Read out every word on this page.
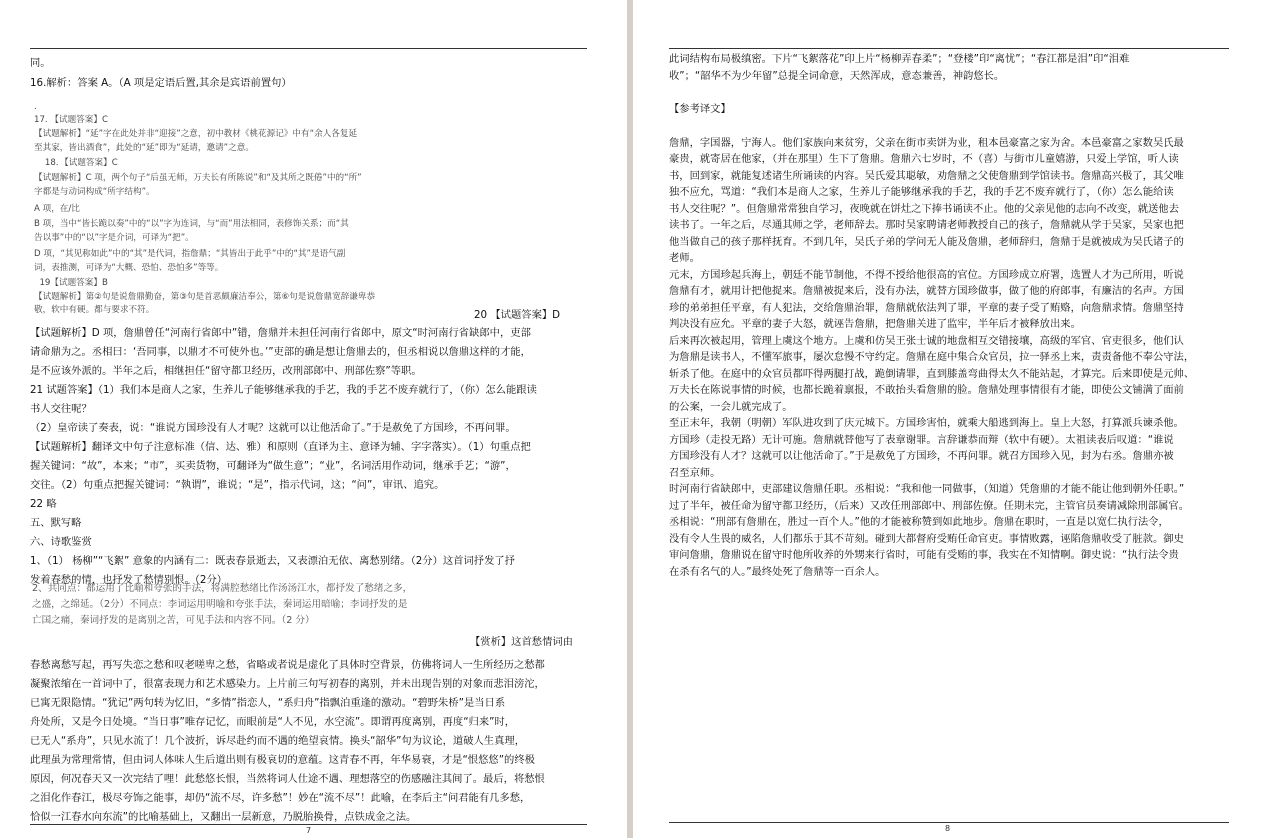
同。
16.解析：答案 A。（A 项是定语后置,其余是宾语前置句）
.
17. 【试题答案】C
【试题解析】“延”字在此处并非“迎接”之意，初中教材《桃花源记》中有“余人各复延
至其家，皆出酒食”，此处的“延”即为“延请，邀请”之意。
18．【试题答案】C
【试题解析】C 项，两个句子“后虽无师，万夫长有所陈说”和“及其所之既倦”中的“所”
字都是与动词构成“所字结构”。
A 项，在/比
B 项，当中“皆长跪以奏”中的“以”字为连词，与“而”用法相同，表修饰关系；而“其
告以事”中的“以”字是介词，可译为“把”。
D 项，“其见称如此”中的“其”是代词，指詹鼎；“其皆出于此乎”中的“其”是语气副
词，表推测，可译为“大概、恐怕、恐怕多”等等。
19【试题答案】B
【试题解析】第②句是说詹鼎勤奋，第③句是首恶颇廉洁奉公，第⑥句是说詹鼎宽辞谦卑恭
敬，软中有硬。都与要求不符。	20 【试题答案】D
【试题解析】D 项，詹鼎曾任“河南行省郎中”错，詹鼎并未担任河南行省郎中，原文“时河南行省缺郎中，吏部
请命鼎为之。丞相曰：‘吾同事，以鼎才不可使外也。’”吏部的确是想让詹鼎去的，但丞相说以詹鼎这样的才能，
是不应该外派的。半年之后，相继担任“留守都卫经历，改刑部郎中、刑部佐察”等职。
21 试题答案】（1）我们本是商人之家，生养儿子能够继承我的手艺，我的手艺不废弃就行了，（你）怎么能跟读
书人交往呢？
（2）皇帝读了奏表，说：“谁说方国珍没有人才呢？这就可以让他活命了。”于是赦免了方国珍，不再问罪。
【试题解析】翻译文中句子注意标准（信、达、雅）和原则（直译为主、意译为辅、字字落实）。（1）句重点把
握关键词：“故”，本来；“市”，买卖货物，可翻译为“做生意”；“业”，名词活用作动词，继承手艺；“游”，
交往。（2）句重点把握关键词：“執谓”，谁说；“是”，指示代词，这；“问”，审讯、追究。
22 略
五、默写略
六、诗歌鉴赏
1、（1） 杨柳”“飞絮” 意象的内涵有二：既表春景逝去，又表漂泊无依、离愁别绪。（2分）这首词抒发了抒
发着春愁的情，也抒发了愁情别恨。（2分）
2、共同点：都运用了比喻和夸张的手法，将满腔愁绪比作汤汤江水，都抒发了愁绪之多，
之盛，之绵延。（2分）不同点：李词运用明喻和夸张手法，秦词运用暗喻；李词抒发的是
亡国之痛，秦词抒发的是离别之苦，可见手法和内容不同。（2 分）
【赏析】这首愁情词由
春愁离愁写起，再写失恋之愁和叹老嗟卑之愁，省略或者说是虚化了具体时空背景，仿佛将词人一生所经历之愁都
凝聚浓缩在一首词中了，很富表现力和艺术感染力。上片前三句写初春的离别，并未出现告别的对象而悲泪滂沱，
已寓无限隐情。“犹记”两句转为忆旧，“多情”指恋人，“系归舟”指飘泊重逢的激动。“碧野朱桥”是当日系
舟处所，又是今日处境。“当日事”唯存记忆，而眼前是“人不见，水空流”。即谓再度离别，再度“归来”时，
已无人“系舟”，只见水流了！几个波折，诉尽赴约而不遇的绝望哀情。换头“韶华”句为议论，道破人生真理，
此理虽为常理常情，但由词人体味人生后道出则有极哀切的意蕴。这青春不再，年华易衰，才是“恨悠悠”的终极
原因，何况春天又一次完结了哩！此愁悠长恨，当然将词人仕途不遇、理想落空的伤感融注其间了。最后，将愁恨
之泪化作春江，极尽夸饰之能事，却仍“流不尽，许多愁”！妙在“流不尽”！此喻，在李后主“问君能有几多愁，
恰似一江春水向东流”的比喻基础上，又翻出一层新意，乃脱胎换骨，点铁成金之法。
7
此词结构布局极缜密。下片“飞絮落花”印上片“杨柳弄春柔”；“登楼”印“离忧”；“春江都是泪”印“泪难
收”；“韶华不为少年留”总提全词命意，天然浑成，意态兼善，神韵悠长。
【参考译文】
詹鼎，字国器，宁海人。他们家族向来贫穷，父亲在街市卖饼为业，租本邑豪富之家为舍。本邑豪富之家数吴氏最
豪贵，就寄居在他家，（并在那里）生下了詹鼎。詹鼎六七岁时，不（喜）与街市儿童嬉游，只爱上学馆，听人读
书，回到家，就能复述诸生所诵读的内容。吴氏爱其聪敏，劝詹鼎之父使詹鼎到学馆读书。詹鼎高兴极了，其父唯
独不应允，骂道：“我们本是商人之家，生养儿子能够继承我的手艺，我的手艺不废弃就行了，（你）怎么能给读
书人交往呢？”。但詹鼎常常独自学习，夜晚就在饼灶之下捧书诵读不止。他的父亲见他的志向不改变，就送他去
读书了。一年之后，尽通其师之学，老师辞去。那时吴家聘请老师教授自己的孩子，詹鼎就从学于吴家，吴家也把
他当做自己的孩子那样抚育。不到几年，吴氏子弟的学问无人能及詹鼎，老师辞归，詹鼎于是就被成为吴氏诸子的
老师。
元末，方国珍起兵海上，朝廷不能节制他，不得不授给他很高的官位。方国珍成立府署，选置人才为己所用，听说
詹鼎有才，就用计把他捉来。詹鼎被捉来后，没有办法，就替方国珍做事，做了他的府郎事，有廉洁的名声。方国
珍的弟弟担任平章，有人犯法，交给詹鼎治罪，詹鼎就依法判了罪，平章的妻子受了贿赂，向詹鼎求情。詹鼎坚持
判决没有应允。平章的妻子大怒，就诬告詹鼎，把詹鼎关进了监牢，半年后才被释放出来。
后来再次被起用，管理上虞这个地方。上虞和仿吴王张士诚的地盘相互交错接壤，高级的军官、官吏很多，他们认
为詹鼎是读书人，不懂军旅事，屡次怠慢不守约定。詹鼎在庭中集合众官员，拉一驿丞上来，责责备他不奉公守法，
斩杀了他。在庭中的众官员都吓得两腿打战，跪倒请罪，直到膝盖弯曲得太久不能站起，才算完。后来即使是元帅、
万夫长在陈说事情的时候，也都长跪着禀报，不敢抬头看詹鼎的脸。詹鼎处理事情很有才能，即使公文铺满了面前
的公案，一会儿就完成了。
至正末年，我朝（明朝）军队进攻到了庆元城下。方国珍害怕，就乘大船逃到海上。皇上大怒，打算派兵谏杀他。
方国珍（走投无路）无计可施。詹鼎就替他写了表章谢罪。言辞谦恭而辩（软中有硬）。太祖读表后叹道：“谁说
方国珍没有人才？这就可以让他活命了。”于是赦免了方国珍，不再问罪。就召方国珍入见，封为右丞。詹鼎亦被
召至京师。
时河南行省缺郎中，吏部建议詹鼎任职。丞相说：“我和他一同做事，（知道）凭詹鼎的才能不能让他到朝外任职。”
过了半年，被任命为留守都卫经历，（后来）又改任刑部郎中、刑部佐僚。任期未完，主管官员奏请减除刑部属官。
丞相说：“刑部有詹鼎在，胜过一百个人。”他的才能被称赞到如此地步。詹鼎在职时，一直是以宽仁执行法令，
没有令人生畏的威名，人们都乐于其不苛刻。碰到大都督府受贿任命官吏。事情败露，诬陷詹鼎收受了脏款。御史
审问詹鼎，詹鼎说在留守时他所收养的外甥来行省时，可能有受贿的事，我实在不知情啊。御史说：“执行法令贵
在杀有名气的人。”最终处死了詹鼎等一百余人。
8
